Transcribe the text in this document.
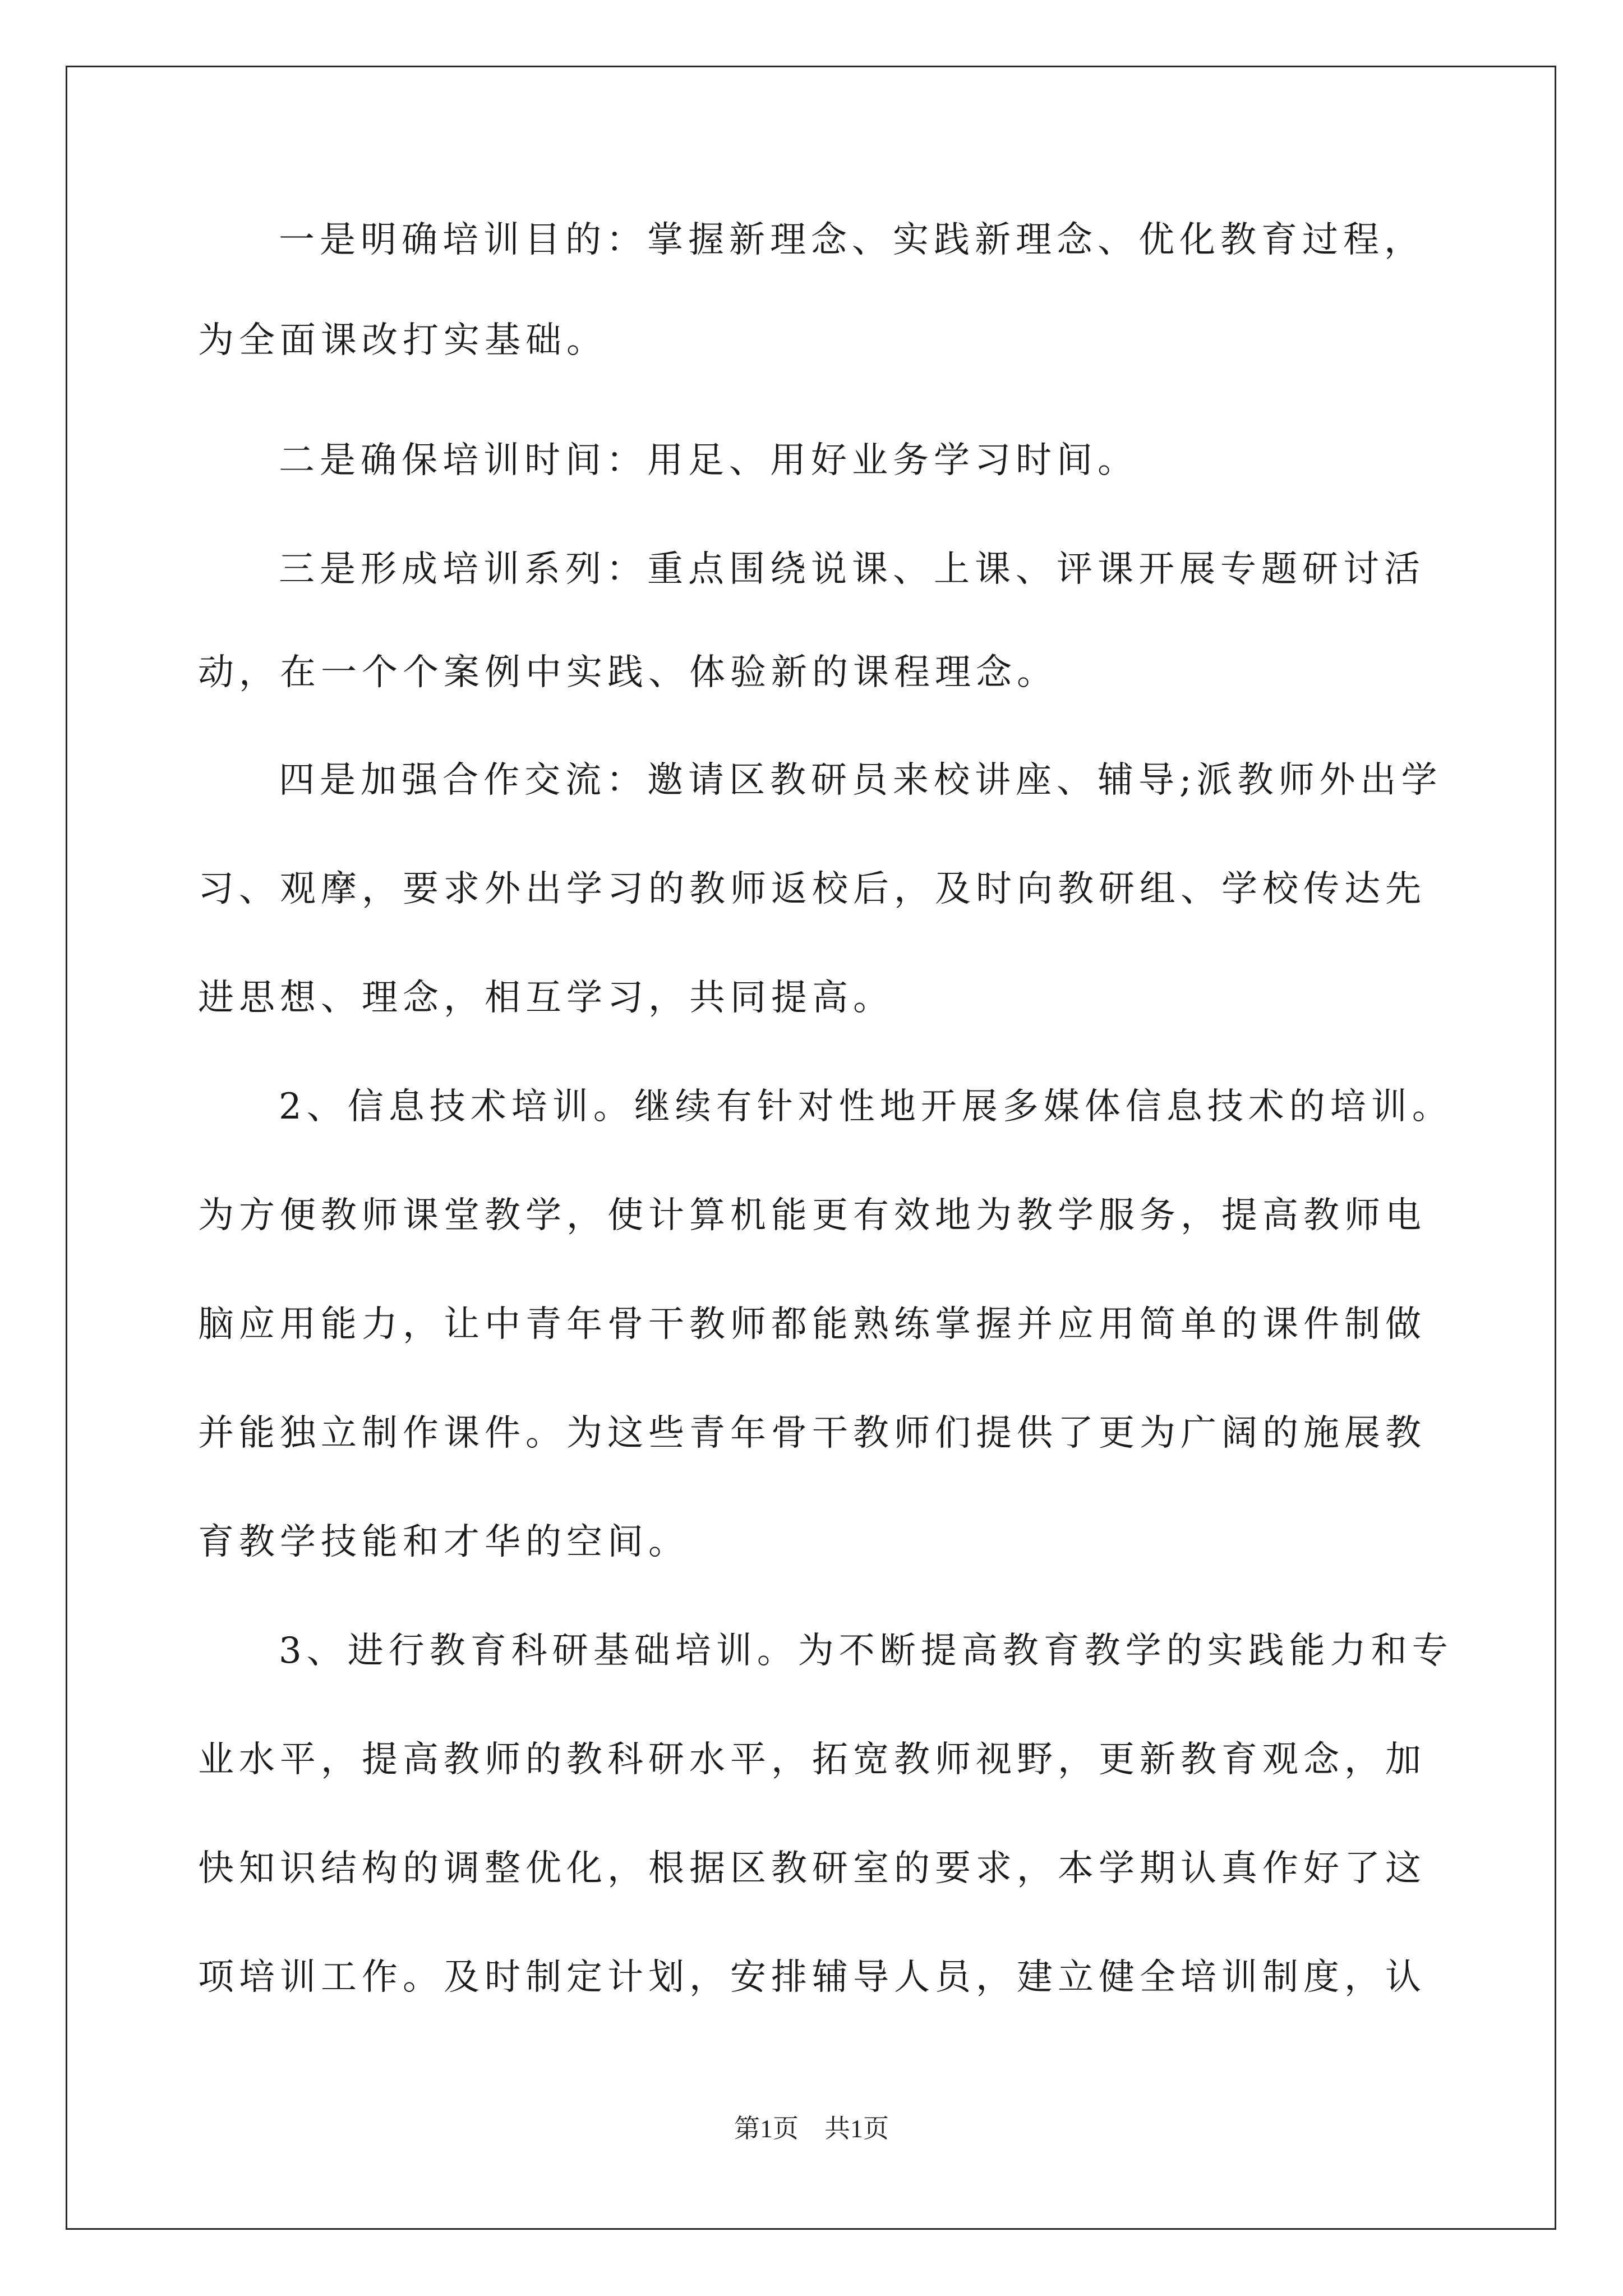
一是明确培训目的：掌握新理念、实践新理念、优化教育过程，
为全面课改打实基础。
二是确保培训时间：用足、用好业务学习时间。
三是形成培训系列：重点围绕说课、上课、评课开展专题研讨活
动，在一个个案例中实践、体验新的课程理念。
四是加强合作交流：邀请区教研员来校讲座、辅导;派教师外出学
习、观摩，要求外出学习的教师返校后，及时向教研组、学校传达先
进思想、理念，相互学习，共同提高。
2、信息技术培训。继续有针对性地开展多媒体信息技术的培训。
为方便教师课堂教学，使计算机能更有效地为教学服务，提高教师电
脑应用能力，让中青年骨干教师都能熟练掌握并应用简单的课件制做
并能独立制作课件。为这些青年骨干教师们提供了更为广阔的施展教
育教学技能和才华的空间。
3、进行教育科研基础培训。为不断提高教育教学的实践能力和专
业水平，提高教师的教科研水平，拓宽教师视野，更新教育观念，加
快知识结构的调整优化，根据区教研室的要求，本学期认真作好了这
项培训工作。及时制定计划，安排辅导人员，建立健全培训制度，认
第1页　共1页
